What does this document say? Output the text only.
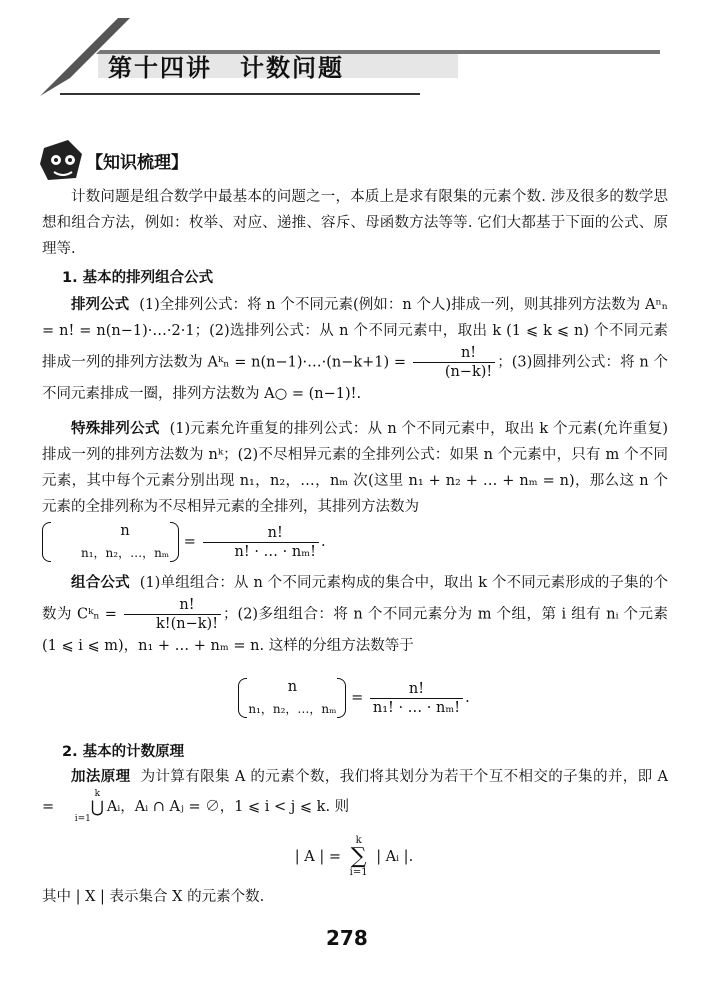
第十四讲 计数问题
【知识梳理】
计数问题是组合数学中最基本的问题之一，本质上是求有限集的元素个数. 涉及很多的数学思想和组合方法，例如：枚举、对应、递推、容斥、母函数方法等等. 它们大都基于下面的公式、原理等.
1. 基本的排列组合公式
排列公式 (1)全排列公式：将 n 个不同元素(例如：n 个人)排成一列，则其排列方法数为 Aⁿₙ = n! = n(n−1)·…·2·1；(2)选排列公式：从 n 个不同元素中，取出 k (1 ⩽ k ⩽ n) 个不同元素排成一列的排列方法数为 Aᵏₙ = n(n−1)·…·(n−k+1) = $\frac{n!}{(n-k)!}$ ；(3)圆排列公式：将 n 个不同元素排成一圈，排列方法数为 A○ = (n−1)!.
特殊排列公式 (1)元素允许重复的排列公式：从 n 个不同元素中，取出 k 个元素(允许重复)排成一列的排列方法数为 nᵏ；(2)不尽相异元素的全排列公式：如果 n 个元素中，只有 m 个不同元素，其中每个元素分别出现 n₁，n₂，…，nₘ 次(这里 n₁ + n₂ + … + nₘ = n)，那么这 n 个元素的全排列称为不尽相异元素的全排列，其排列方法数为

n
n₁，n₂，…，nₘ
= $\frac{n!}{\text{n! · … · nₘ!}}$ .
组合公式 (1)单组组合：从 n 个不同元素构成的集合中，取出 k 个不同元素形成的子集的个数为 Cᵏₙ = $\frac{n!}{k!(n-k)!}$ ；(2)多组组合：将 n 个不同元素分为 m 个组，第 i 组有 nᵢ 个元素 (1 ⩽ i ⩽ m)，n₁ + … + nₘ = n. 这样的分组方法数等于
n
n₁，n₂，…，nₘ
= $\frac{n!}{\text{n₁! · … · nₘ!}}$ .
2. 基本的计数原理
加法原理 为计算有限集 A 的元素个数，我们将其划分为若干个互不相交的子集的并，即 A = k
⋃
i=1Aᵢ，Aᵢ ∩ Aⱼ = ∅，1 ⩽ i < j ⩽ k. 则
| A | = k
∑
i=1 | Aᵢ |.
其中 | X | 表示集合 X 的元素个数.
278
